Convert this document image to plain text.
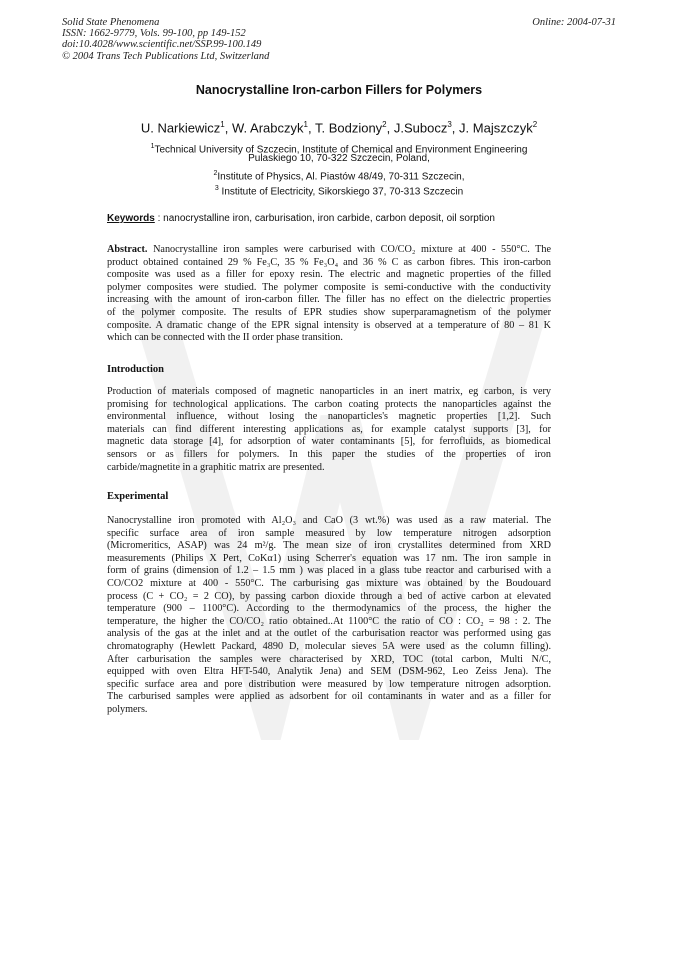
Solid State Phenomena
ISSN: 1662-9779, Vols. 99-100, pp 149-152
doi:10.4028/www.scientific.net/SSP.99-100.149
© 2004 Trans Tech Publications Ltd, Switzerland
Online: 2004-07-31
Nanocrystalline Iron-carbon Fillers for Polymers
U. Narkiewicz$^1$, W. Arabczyk$^1$, T. Bodziony$^2$, J.Subocz$^3$, J. Majszczyk$^2$
$^1$Technical University of Szczecin, Institute of Chemical and Environment Engineering
Pulaskiego 10, 70-322 Szczecin, Poland,
$^2$Institute of Physics, Al. Piastów 48/49, 70-311 Szczecin,
$^3$ Institute of Electricity, Sikorskiego 37, 70-313 Szczecin
Keywords : nanocrystalline iron, carburisation, iron carbide, carbon deposit, oil sorption
Abstract. Nanocrystalline iron samples were carburised with CO/CO₂ mixture at 400 - 550°C. The
product obtained contained 29 % Fe₃C, 35 % Fe₃O₄ and 36 % C as carbon fibres. This iron-carbon
composite was used as a filler for epoxy resin. The electric and magnetic properties of the filled
polymer composites were studied. The polymer composite is semi-conductive with the conductivity
increasing with the amount of iron-carbon filler. The filler has no effect on the dielectric properties
of the polymer composite. The results of EPR studies show superparamagnetism of the polymer
composite. A dramatic change of the EPR signal intensity is observed at a temperature of 80 – 81 K
which can be connected with the II order phase transition.
Introduction
Production of materials composed of magnetic nanoparticles in an inert matrix, eg carbon, is very
promising for technological applications. The carbon coating protects the nanoparticles against the
environmental influence, without losing the nanoparticles's magnetic properties [1,2]. Such
materials can find different interesting applications as, for example catalyst supports [3], for
magnetic data storage [4], for adsorption of water contaminants [5], for ferrofluids, as biomedical
sensors or as fillers for polymers. In this paper the studies of the properties of iron
carbide/magnetite in a graphitic matrix are presented.
Experimental
Nanocrystalline iron promoted with Al₂O₃ and CaO (3 wt.%) was used as a raw material. The
specific surface area of iron sample measured by low temperature nitrogen adsorption
(Micromeritics, ASAP) was 24 m²/g. The mean size of iron crystallites determined from XRD
measurements (Philips X Pert, CoKα1) using Scherrer's equation was 17 nm. The iron sample in
form of grains (dimension of 1.2 – 1.5 mm ) was placed in a glass tube reactor and carburised with a
CO/CO2 mixture at 400 - 550°C. The carburising gas mixture was obtained by the Boudouard
process (C + CO₂ = 2 CO), by passing carbon dioxide through a bed of active carbon at elevated
temperature (900 – 1100°C). According to the thermodynamics of the process, the higher the
temperature, the higher the CO/CO₂ ratio obtained..At 1100°C the ratio of CO : CO₂ = 98 : 2. The
analysis of the gas at the inlet and at the outlet of the carburisation reactor was performed using gas
chromatography (Hewlett Packard, 4890 D, molecular sieves 5A were used as the column filling).
After carburisation the samples were characterised by XRD, TOC (total carbon, Multi N/C,
equipped with oven Eltra HFT-540, Analytik Jena) and SEM (DSM-962, Leo Zeiss Jena). The
specific surface area and pore distribution were measured by low temperature nitrogen adsorption.
The carburised samples were applied as adsorbent for oil contaminants in water and as a filler for
polymers.
